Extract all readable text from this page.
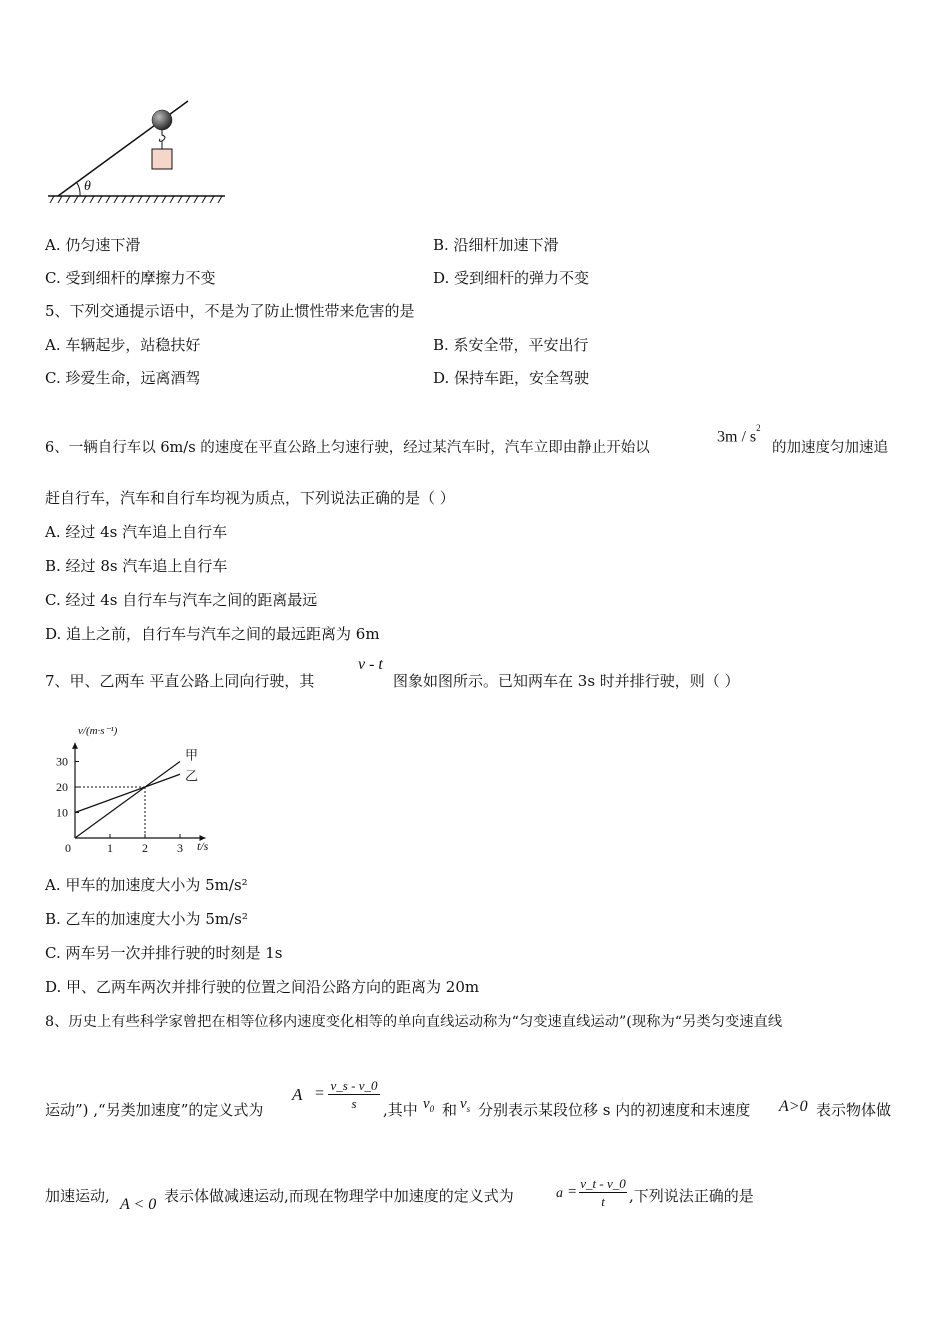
θ
A. 仍匀速下滑	B. 沿细杆加速下滑
C. 受到细杆的摩擦力不变	D. 受到细杆的弹力不变
5、下列交通提示语中，不是为了防止惯性带来危害的是
A. 车辆起步，站稳扶好	B. 系安全带，平安出行
C. 珍爱生命，远离酒驾	D. 保持车距，安全驾驶
6、一辆自行车以 6m/s 的速度在平直公路上匀速行驶，经过某汽车时，汽车立即由静止开始以
$3m / s^2$
的加速度匀加速追
赶自行车，汽车和自行车均视为质点，下列说法正确的是（ ）
A. 经过 4s 汽车追上自行车
B. 经过 8s 汽车追上自行车
C. 经过 4s 自行车与汽车之间的距离最远
D. 追上之前，自行车与汽车之间的最远距离为 6m
7、甲、乙两车 平直公路上同向行驶，其
v - t
图象如图所示。已知两车在 3s 时并排行驶，则（ ）
v/(m·s⁻¹)
t/s
0	1 2 3
10
20
30	甲
乙
A. 甲车的加速度大小为 5m/s²
B. 乙车的加速度大小为 5m/s²
C. 两车另一次并排行驶的时刻是 1s
D. 甲、乙两车两次并排行驶的位置之间沿公路方向的距离为 20m
8、历史上有些科学家曾把在相等位移内速度变化相等的单向直线运动称为“匀变速直线运动”(现称为“另类匀变速直线
运动”) ,“另类加速度”的定义式为
A = v_s - v_0
s	,其中 $v_0$ 和 $v_s$ 分别表示某段位移 s 内的初速度和末速度 A>0 表示物体做
加速运动, A < 0 表示体做减速运动,而现在物理学中加速度的定义式为	a =
v_t - v_0
t	,下列说法正确的是
